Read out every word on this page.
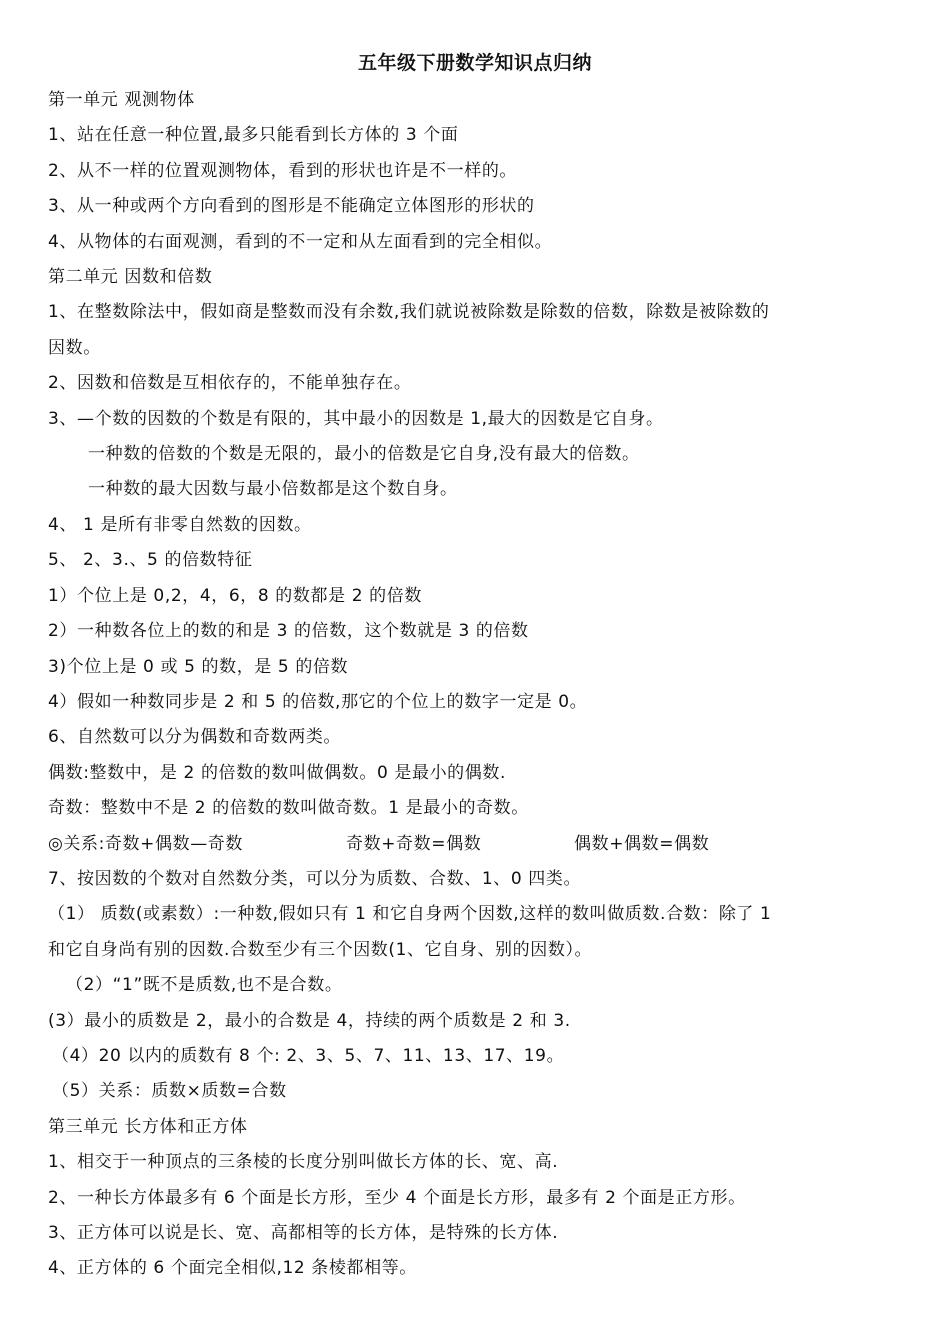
五年级下册数学知识点归纳
第一单元 观测物体
1、站在任意一种位置,最多只能看到长方体的 3 个面
2、从不一样的位置观测物体，看到的形状也许是不一样的。
3、从一种或两个方向看到的图形是不能确定立体图形的形状的
4、从物体的右面观测，看到的不一定和从左面看到的完全相似。
第二单元 因数和倍数
1、在整数除法中，假如商是整数而没有余数,我们就说被除数是除数的倍数，除数是被除数的
因数。
2、因数和倍数是互相依存的，不能单独存在。
3、—个数的因数的个数是有限的，其中最小的因数是 1,最大的因数是它自身。
一种数的倍数的个数是无限的，最小的倍数是它自身,没有最大的倍数。
一种数的最大因数与最小倍数都是这个数自身。
4、 1 是所有非零自然数的因数。
5、 2、3.、5 的倍数特征
1）个位上是 0,2，4，6，8 的数都是 2 的倍数
2）一种数各位上的数的和是 3 的倍数，这个数就是 3 的倍数
3)个位上是 0 或 5 的数，是 5 的倍数
4）假如一种数同步是 2 和 5 的倍数,那它的个位上的数字一定是 0。
6、自然数可以分为偶数和奇数两类。
偶数:整数中，是 2 的倍数的数叫做偶数。0 是最小的偶数.
奇数：整数中不是 2 的倍数的数叫做奇数。1 是最小的奇数。
◎关系:奇数+偶数—奇数	奇数+奇数=偶数	偶数+偶数=偶数
7、按因数的个数对自然数分类，可以分为质数、合数、1、0 四类。
（1） 质数(或素数）:一种数,假如只有 1 和它自身两个因数,这样的数叫做质数.合数：除了 1
和它自身尚有别的因数.合数至少有三个因数(1、它自身、别的因数）。
（2）“1”既不是质数,也不是合数。
(3）最小的质数是 2，最小的合数是 4，持续的两个质数是 2 和 3.
（4）20 以内的质数有 8 个: 2、3、5、7、11、13、17、19。
（5）关系：质数×质数=合数
第三单元 长方体和正方体
1、相交于一种顶点的三条棱的长度分别叫做长方体的长、宽、高.
2、一种长方体最多有 6 个面是长方形，至少 4 个面是长方形，最多有 2 个面是正方形。
3、正方体可以说是长、宽、高都相等的长方体，是特殊的长方体.
4、正方体的 6 个面完全相似,12 条棱都相等。
